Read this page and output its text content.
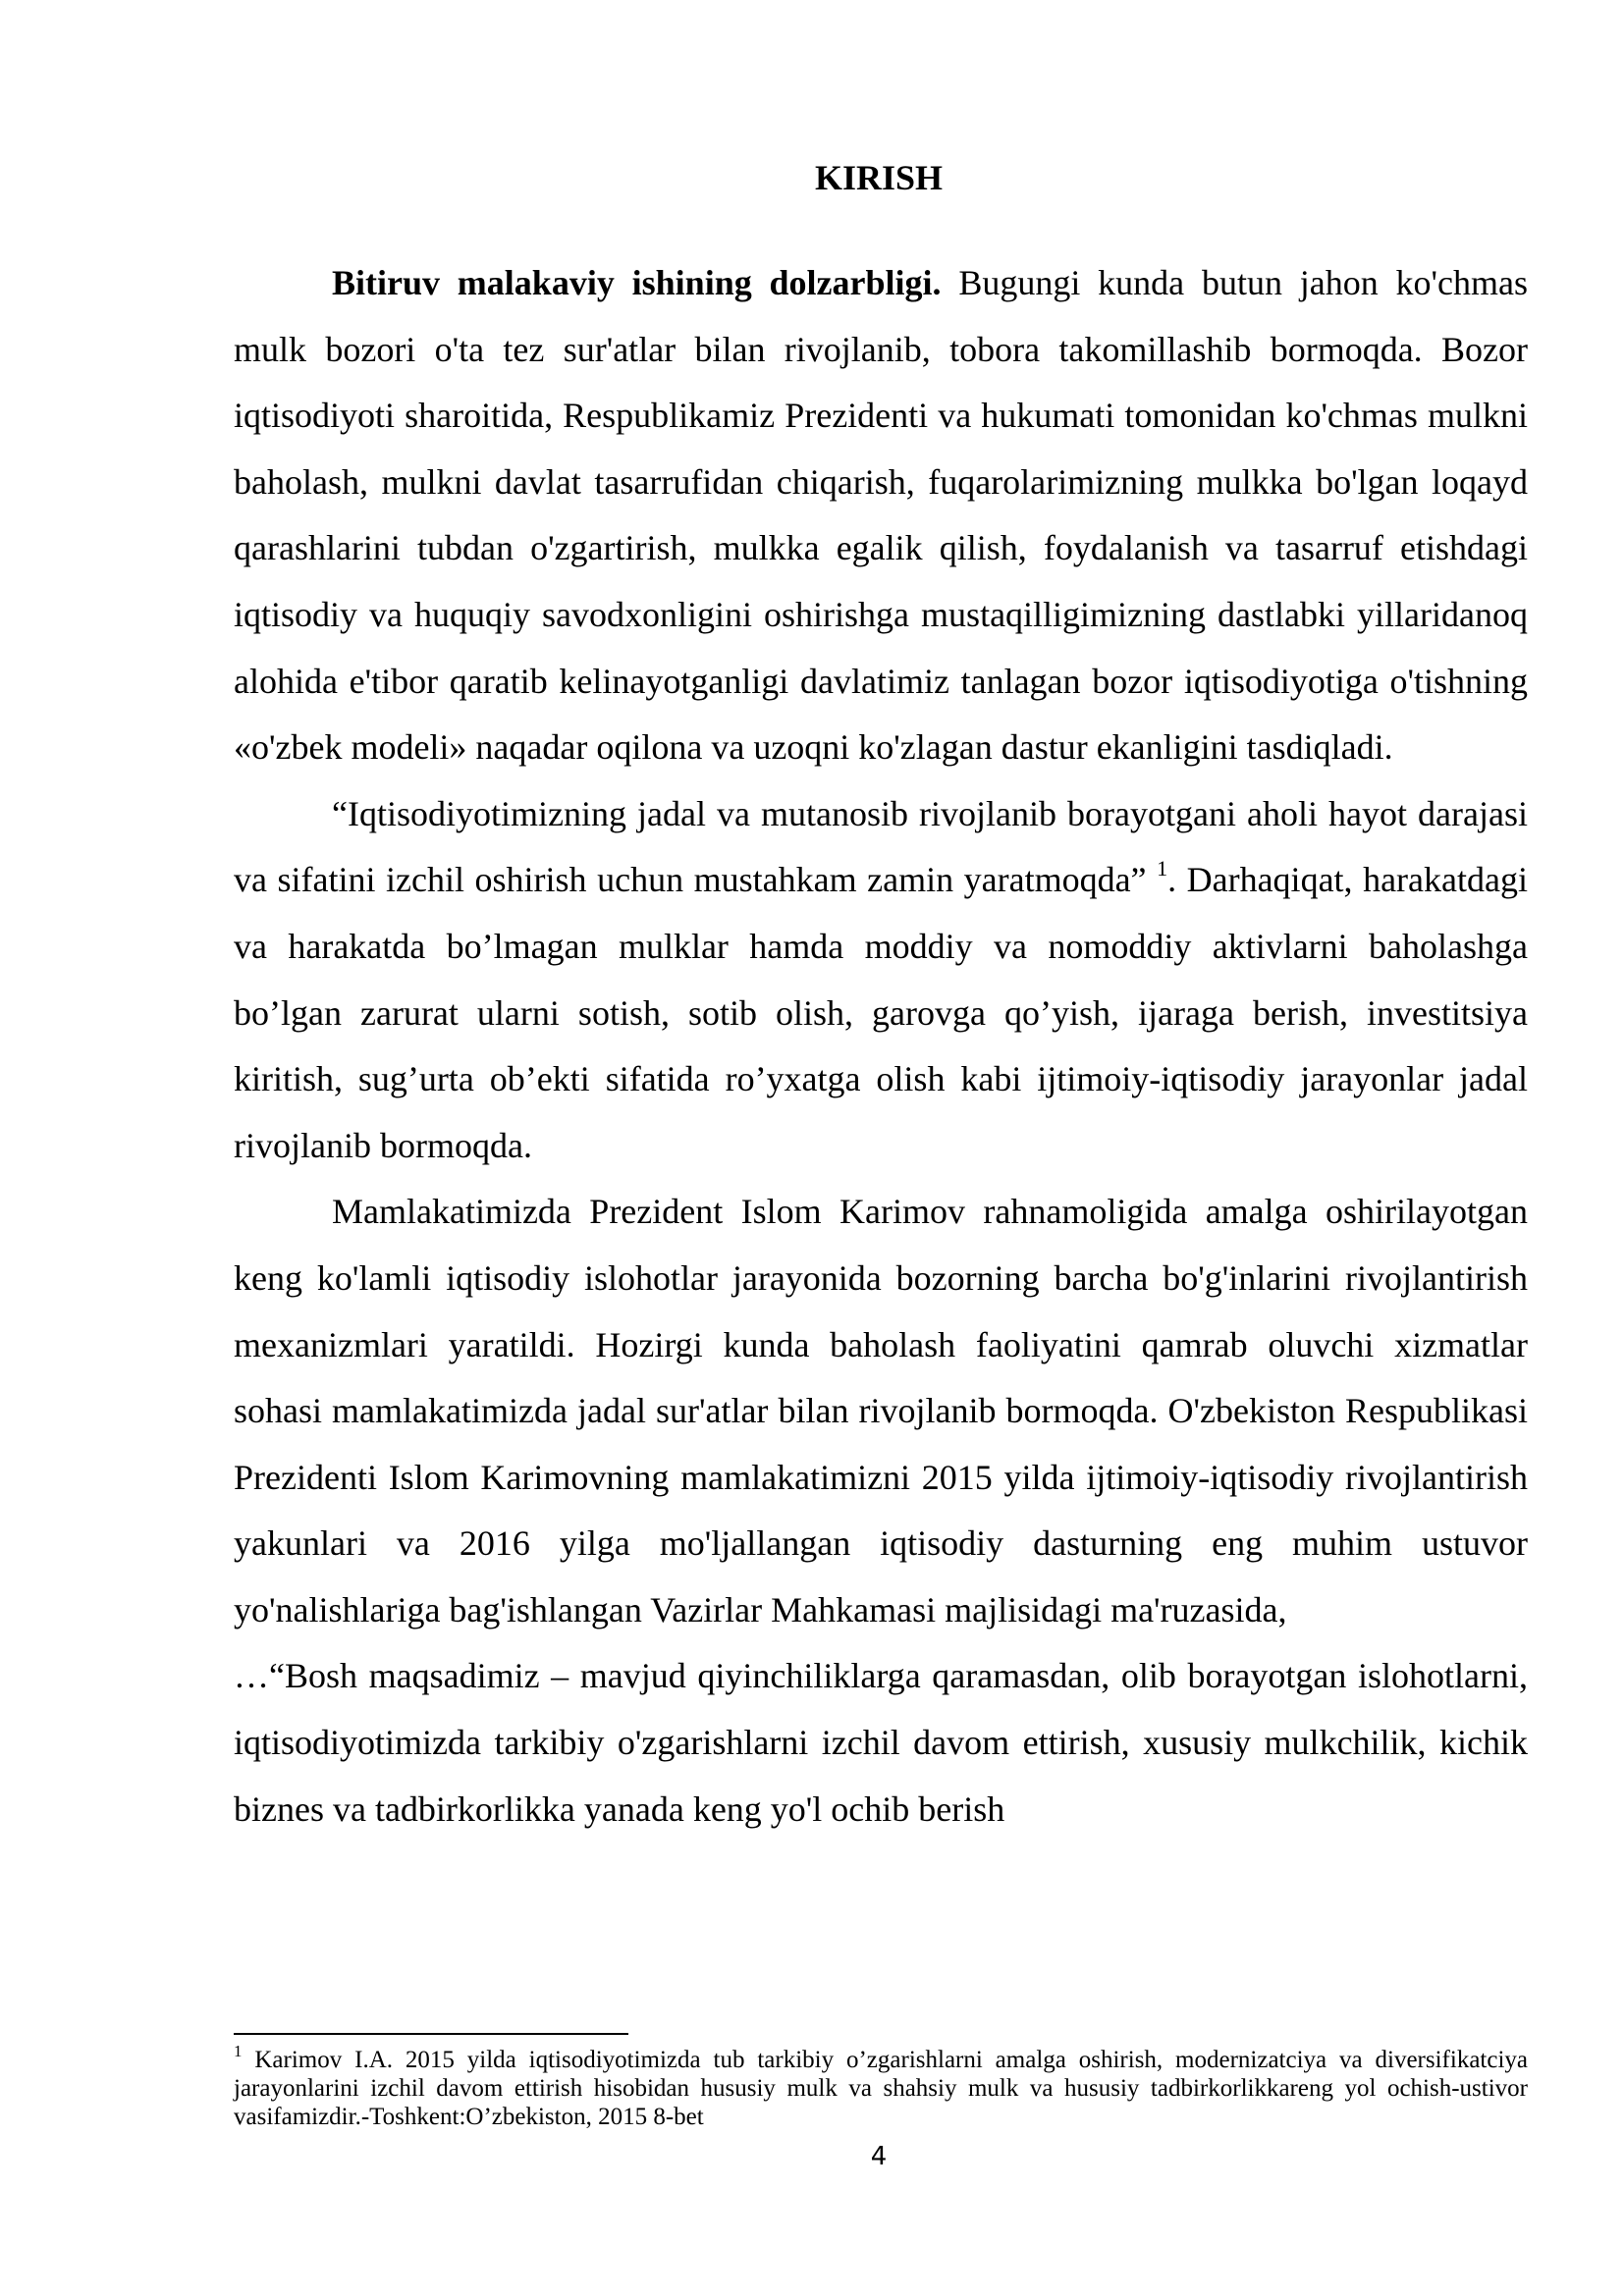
KIRISH

Bitiruv malakaviy ishining dolzarbligi. Bugungi kunda butun jahon ko'chmas mulk bozori o'ta tez sur'atlar bilan rivojlanib, tobora takomillashib bormoqda. Bozor iqtisodiyoti sharoitida, Respublikamiz Prezidenti va hukumati tomonidan ko'chmas mulkni baholash, mulkni davlat tasarrufidan chiqarish, fuqarolarimizning mulkka bo'lgan loqayd qarashlarini tubdan o'zgartirish, mulkka egalik qilish, foydalanish va tasarruf etishdagi iqtisodiy va huquqiy savodxonligini oshirishga mustaqilligimizning dastlabki yillaridanoq alohida e'tibor qaratib kelinayotganligi davlatimiz tanlagan bozor iqtisodiyotiga o'tishning «o'zbek modeli» naqadar oqilona va uzoqni ko'zlagan dastur ekanligini tasdiqladi.

“Iqtisodiyotimizning jadal va mutanosib rivojlanib borayotgani aholi hayot darajasi va sifatini izchil oshirish uchun mustahkam zamin yaratmoqda” $^1$. Darhaqiqat, harakatdagi va harakatda bo’lmagan mulklar hamda moddiy va nomoddiy aktivlarni baholashga bo’lgan zarurat ularni sotish, sotib olish, garovga qo’yish, ijaraga berish, investitsiya kiritish, sug’urta ob’ekti sifatida ro’yxatga olish kabi ijtimoiy-iqtisodiy jarayonlar jadal rivojlanib bormoqda.

Mamlakatimizda Prezident Islom Karimov rahnamoligida amalga oshirilayotgan keng ko'lamli iqtisodiy islohotlar jarayonida bozorning barcha bo'g'inlarini rivojlantirish mexanizmlari yaratildi. Hozirgi kunda baholash faoliyatini qamrab oluvchi xizmatlar sohasi mamlakatimizda jadal sur'atlar bilan rivojlanib bormoqda. O'zbekiston Respublikasi Prezidenti Islom Karimovning mamlakatimizni 2015 yilda ijtimoiy-iqtisodiy rivojlantirish yakunlari va 2016 yilga mo'ljallangan iqtisodiy dasturning eng muhim ustuvor yo'nalishlariga bag'ishlangan Vazirlar Mahkamasi majlisidagi ma'ruzasida,

…“Bosh maqsadimiz – mavjud qiyinchiliklarga qaramasdan, olib borayotgan islohotlarni, iqtisodiyotimizda tarkibiy o'zgarishlarni izchil davom ettirish, xususiy mulkchilik, kichik biznes va tadbirkorlikka yanada keng yo'l ochib berish

$^1$ Karimov I.A. 2015 yilda iqtisodiyotimizda tub tarkibiy o’zgarishlarni amalga oshirish, modernizatciya va diversifikatciya jarayonlarini izchil davom ettirish hisobidan hususiy mulk va shahsiy mulk va hususiy tadbirkorlikkareng yol ochish-ustivor vasifamizdir.-Toshkent:O’zbekiston, 2015 8-bet
4
